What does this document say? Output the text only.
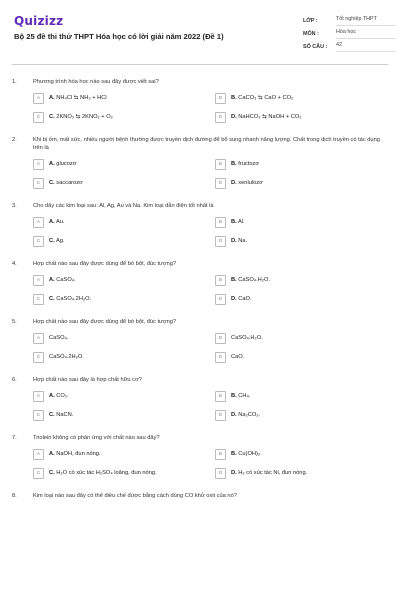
Quizizz
Bộ 25 đề thi thử THPT Hóa học có lời giải năm 2022 (Đề 1)
LỚP :	Tốt nghiệp THPT
MÔN :	Hóa học
SỐ CÂU :	42
1.	Phương trình hóa học nào sau đây được viết sai?
A	A. NH₄Cl ⇆ NH₃ + HCl	B	B. CaCO₃ ⇆ CaO + CO₂
C	C. 2KNO₃ ⇆ 2KNO₂ + O₂	D	D. NaHCO₃ ⇆ NaOH + CO₂
2.	Khi bị ốm, mất sức, nhiều người bệnh thường được truyền dịch đường để bổ sung nhanh năng lượng. Chất trong dịch truyền có tác dụng trên là
A	A. glucozơ	B	B. fructozơ
C	C. saccarozơ	D	D. xenlulozơ
3.	Cho dãy các kim loại sau: Al, Ag, Au và Na. Kim loại dẫn điện tốt nhất là
A	A. Au.	B	B. Al.
C	C. Ag.	D	D. Na.
4.	Hợp chất nào sau đây được dùng để bó bột, đúc tượng?
A	A. CaSO₄.	B	B. CaSO₄.H₂O.
C	C. CaSO₄.2H₂O.	D	D. CaO.
5.	Hợp chất nào sau đây được dùng để bó bột, đúc tượng?
A	CaSO₄.	B	CaSO₄.H₂O.
C	CaSO₄.2H₂O.	D	CaO.
6.	Hợp chất nào sau đây là hợp chất hữu cơ?
A	A. CO₂.	B	B. CH₄.
C	C. NaCN.	D	D. Na₂CO₃.
7.	Triolein không có phản ứng với chất nào sau đây?
A	A. NaOH, đun nóng.	B	B. Cu(OH)₂.
C	C. H₂O có xúc tác H₂SO₄ loãng, đun nóng.	D	D. H₂ có xúc tác Ni, đun nóng.
8.	Kim loại nào sau đây có thể điều chế được bằng cách dùng CO khử oxit của nó?
